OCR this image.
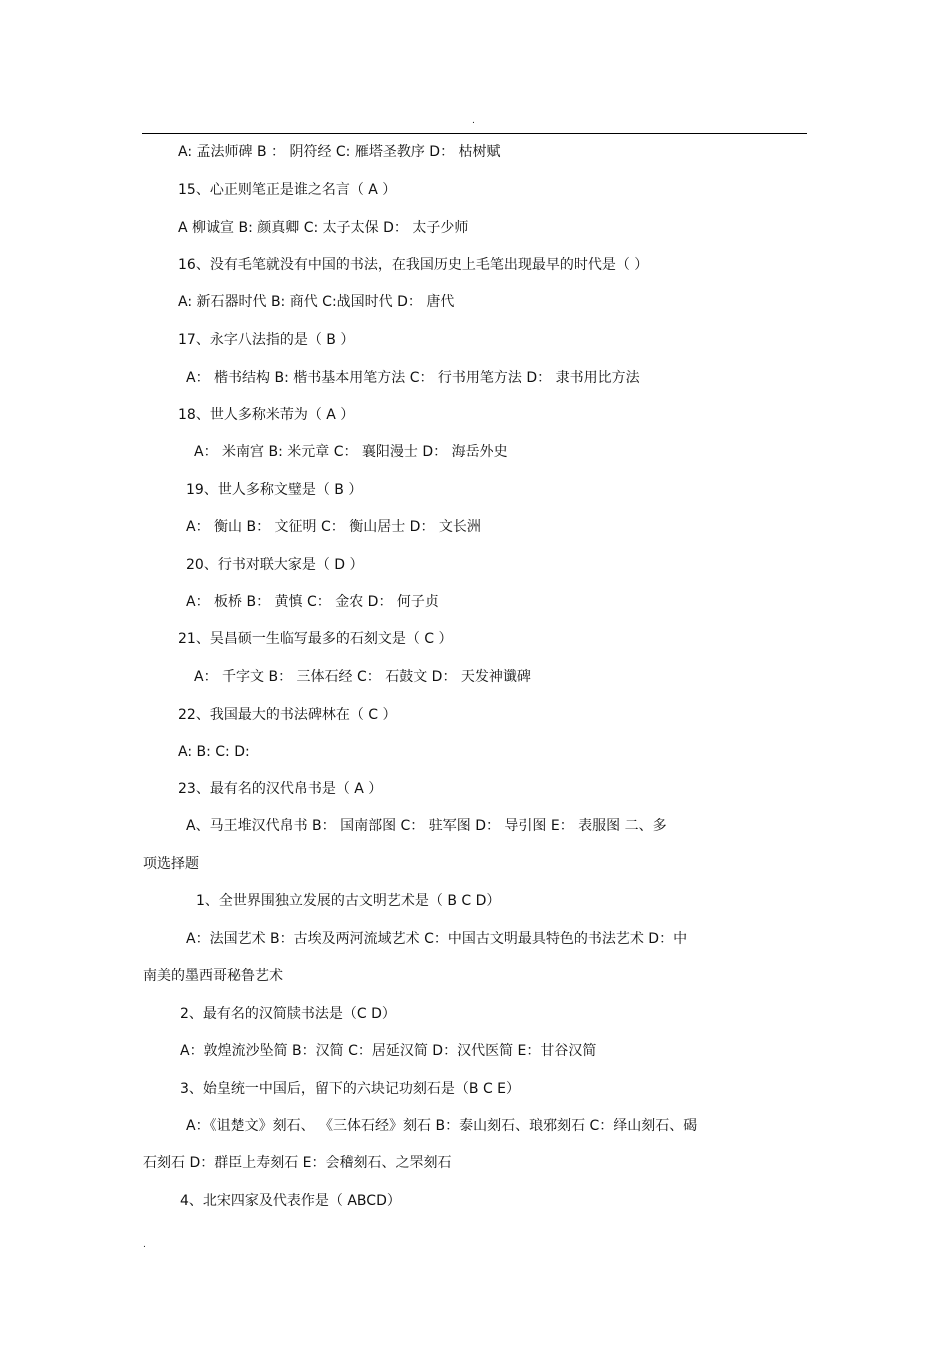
.
A: 孟法师碑 B ： 阴符经 C: 雁塔圣教序 D： 枯树赋
15、心正则笔正是谁之名言（ A ）
A 柳诚宣 B: 颜真卿 C: 太子太保 D： 太子少师
16、没有毛笔就没有中国的书法，在我国历史上毛笔出现最早的时代是（ ）
A: 新石器时代 B: 商代 C:战国时代 D： 唐代
17、永字八法指的是（ B ）
A： 楷书结构 B: 楷书基本用笔方法 C： 行书用笔方法 D： 隶书用比方法
18、世人多称米芾为（ A ）
A： 米南宫 B: 米元章 C： 襄阳漫士 D： 海岳外史
19、世人多称文璧是（ B ）
A： 衡山 B： 文征明 C： 衡山居士 D： 文长洲
20、行书对联大家是（ D ）
A： 板桥 B： 黄慎 C： 金农 D： 何子贞
21、吴昌硕一生临写最多的石刻文是（ C ）
A： 千字文 B： 三体石经 C： 石鼓文 D： 天发神谶碑
22、我国最大的书法碑林在（ C ）
A: B: C: D:
23、最有名的汉代帛书是（ A ）
A、马王堆汉代帛书 B： 国南部图 C： 驻军图 D： 导引图 E： 表服图 二、多
项选择题
1、全世界围独立发展的古文明艺术是（ B C D）
A：法国艺术 B：古埃及两河流域艺术 C：中国古文明最具特色的书法艺术 D：中
南美的墨西哥秘鲁艺术
2、最有名的汉简牍书法是（C D）
A：敦煌流沙坠简 B：汉简 C：居延汉简 D：汉代医简 E：甘谷汉简
3、始皇统一中国后，留下的六块记功刻石是（B C E）
A：《诅楚文》刻石、 《三体石经》刻石 B：泰山刻石、琅邪刻石 C：绎山刻石、碣
石刻石 D：群臣上寿刻石 E：会稽刻石、之罘刻石
4、北宋四家及代表作是（ ABCD）
.
